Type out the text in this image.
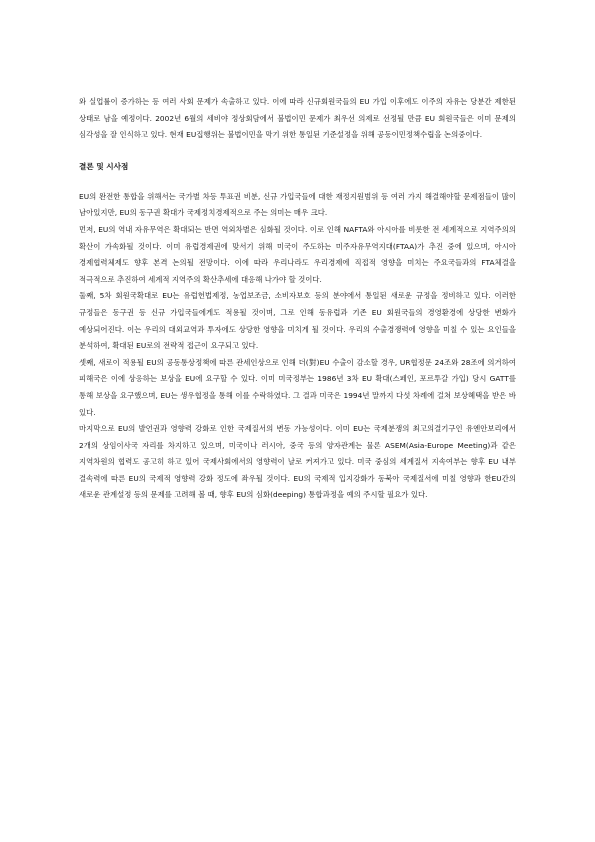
와 실업률이 증가하는 등 여러 사회 문제가 속출하고 있다. 이에 따라 신규회원국들의 EU 가입 이후에도 이주의 자유는 당분간 제한된 상태로 남을 예정이다. 2002년 6월의 세비야 정상회담에서 불법이민 문제가 최우선 의제로 선정될 만큼 EU 회원국들은 이미 문제의 심각성을 잘 인식하고 있다. 현재 EU집행위는 불법이민을 막기 위한 통일된 기준설정을 위해 공동이민정책수립을 논의중이다.

결론 및 시사점

EU의 완전한 통합을 위해서는 국가별 차등 투표권 비분, 신규 가입국들에 대한 재정지원범위 등 여러 가지 해결해야할 문제점들이 많이 남아있지만, EU의 동구권 확대가 국제정치경제적으로 주는 의미는 매우 크다.

먼저, EU의 역내 자유무역은 확대되는 반면 역외차별은 심화될 것이다. 이로 인해 NAFTA와 아시아를 비롯한 전 세계적으로 지역주의의 확산이 가속화될 것이다. 이미 유럽경제권에 맞서기 위해 미국이 주도하는 미주자유무역지대(FTAA)가 추진 중에 있으며, 아시아 경제협력체제도 향후 본격 논의될 전망이다. 이에 따라 우리나라도 우리경제에 직접적 영향을 미치는 주요국들과의 FTA체결을 적극적으로 추진하여 세계적 지역주의 확산추세에 대응해 나가야 할 것이다.

둘째, 5차 회원국확대로 EU는 유럽헌법제정, 농업보조금, 소비자보호 등의 분야에서 통일된 새로운 규정을 정비하고 있다. 이러한 규정들은 동구권 등 신규 가입국들에게도 적용될 것이며, 그로 인해 동유럽과 기존 EU 회원국들의 경영환경에 상당한 변화가 예상되어진다. 이는 우리의 대외교역과 투자에도 상당한 영향을 미치게 될 것이다. 우리의 수출경쟁력에 영향을 미칠 수 있는 요인들을 분석하여, 확대된 EU로의 전략적 접근이 요구되고 있다.

셋째, 새로이 적용될 EU의 공동통상정책에 따른 관세인상으로 인해 더(對)EU 수출이 감소할 경우, UR협정문 24조와 28조에 의거하여 피해국은 이에 상응하는 보상을 EU에 요구할 수 있다. 이미 미국정부는 1986년 3차 EU 확대(스페인, 포르투갈 가입) 당시 GATT를 통해 보상을 요구했으며, EU는 생우협정을 통해 이를 수락하였다. 그 결과 미국은 1994년 말까지 다섯 차례에 걸쳐 보상혜택을 받은 바 있다.

마지막으로 EU의 발언권과 영향력 강화로 인한 국제질서의 변동 가능성이다. 이미 EU는 국제분쟁의 최고의결기구인 유엔안보리에서 2개의 상임이사국 자리를 차지하고 있으며, 미국이나 러시아, 중국 등의 양자관계는 물론 ASEM(Asia-Europe Meeting)과 같은 지역차원의 협력도 공고히 하고 있어 국제사회에서의 영향력이 날로 커져가고 있다. 미국 중심의 세계질서 지속여부는 향후 EU 내부 결속력에 따른 EU의 국제적 영향력 강화 정도에 좌우될 것이다. EU의 국제적 입지강화가 동북아 국제질서에 미칠 영향과 한EU간의 새로운 관계설정 등의 문제를 고려해 볼 때, 향후 EU의 심화(deeping) 통합과정을 예의 주시할 필요가 있다.
